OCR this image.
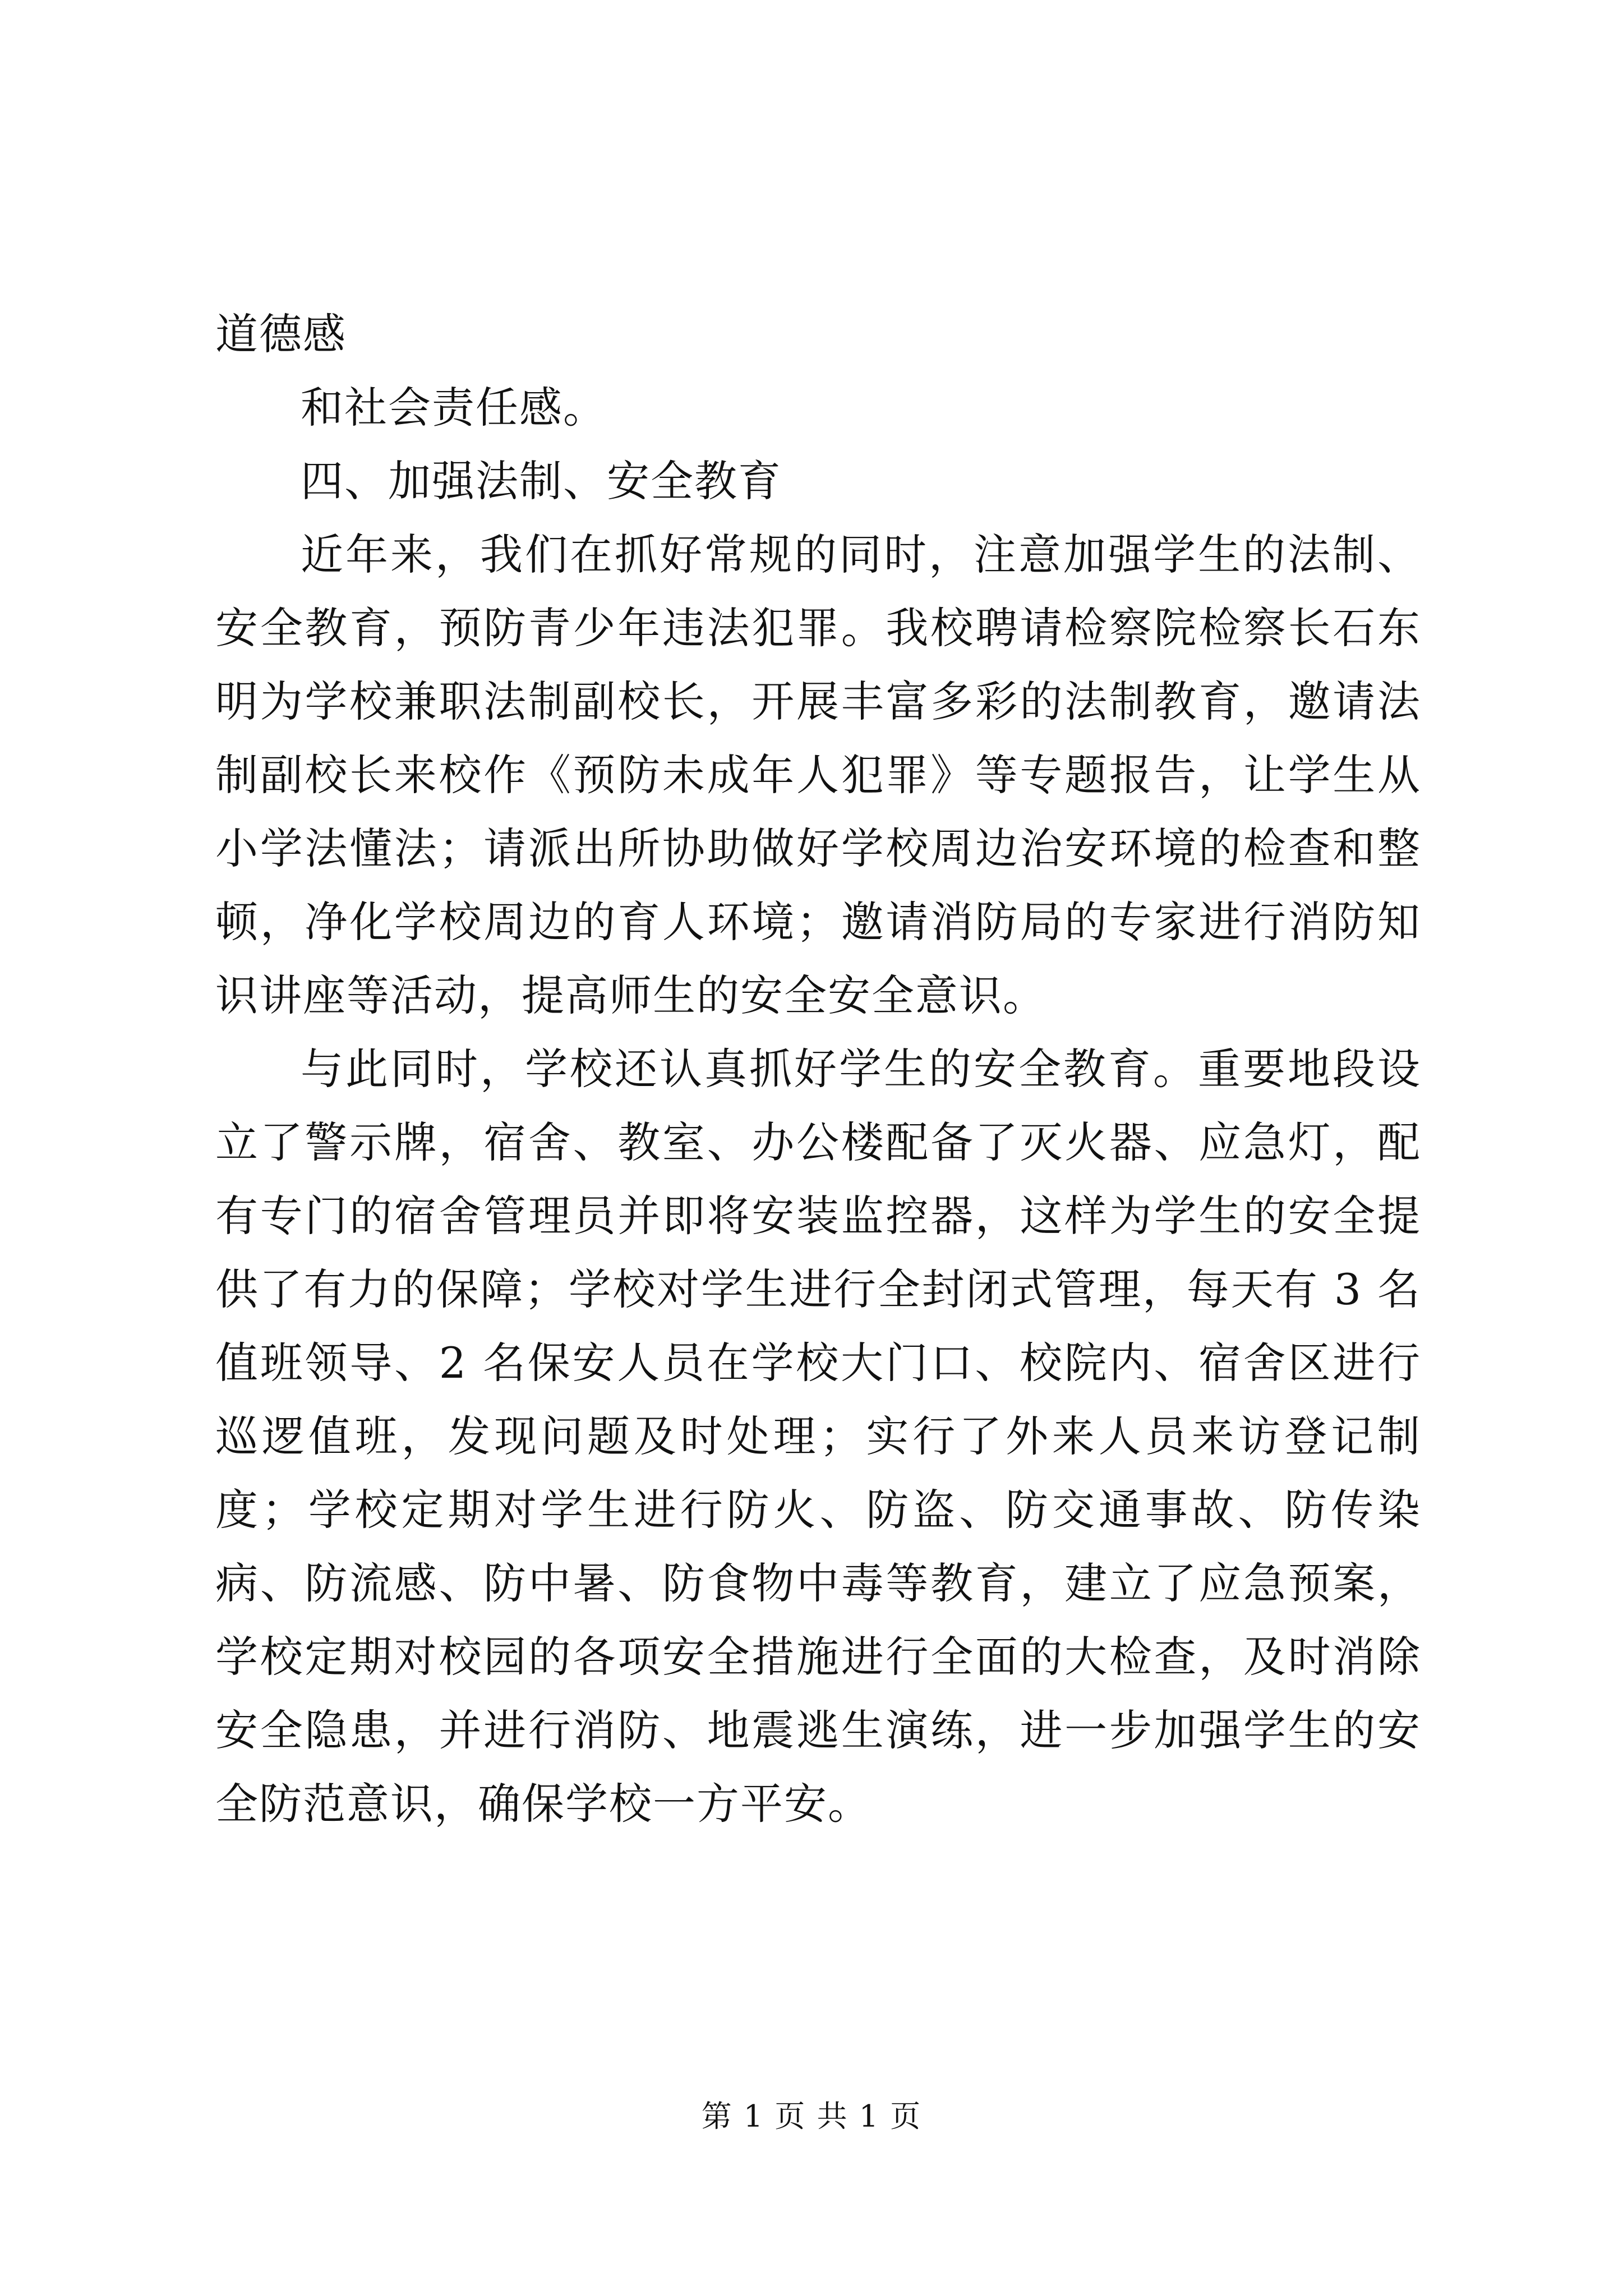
道德感

和社会责任感。

四、加强法制、安全教育

近年来，我们在抓好常规的同时，注意加强学生的法制、安全教育，预防青少年违法犯罪。我校聘请检察院检察长石东明为学校兼职法制副校长，开展丰富多彩的法制教育，邀请法制副校长来校作《预防未成年人犯罪》等专题报告，让学生从小学法懂法；请派出所协助做好学校周边治安环境的检查和整顿，净化学校周边的育人环境；邀请消防局的专家进行消防知识讲座等活动，提高师生的安全安全意识。

与此同时，学校还认真抓好学生的安全教育。重要地段设立了警示牌，宿舍、教室、办公楼配备了灭火器、应急灯，配有专门的宿舍管理员并即将安装监控器，这样为学生的安全提供了有力的保障；学校对学生进行全封闭式管理，每天有 3 名值班领导、2 名保安人员在学校大门口、校院内、宿舍区进行巡逻值班，发现问题及时处理；实行了外来人员来访登记制度；学校定期对学生进行防火、防盗、防交通事故、防传染病、防流感、防中暑、防食物中毒等教育，建立了应急预案，学校定期对校园的各项安全措施进行全面的大检查，及时消除安全隐患，并进行消防、地震逃生演练，进一步加强学生的安全防范意识，确保学校一方平安。

第 1 页 共 1 页
